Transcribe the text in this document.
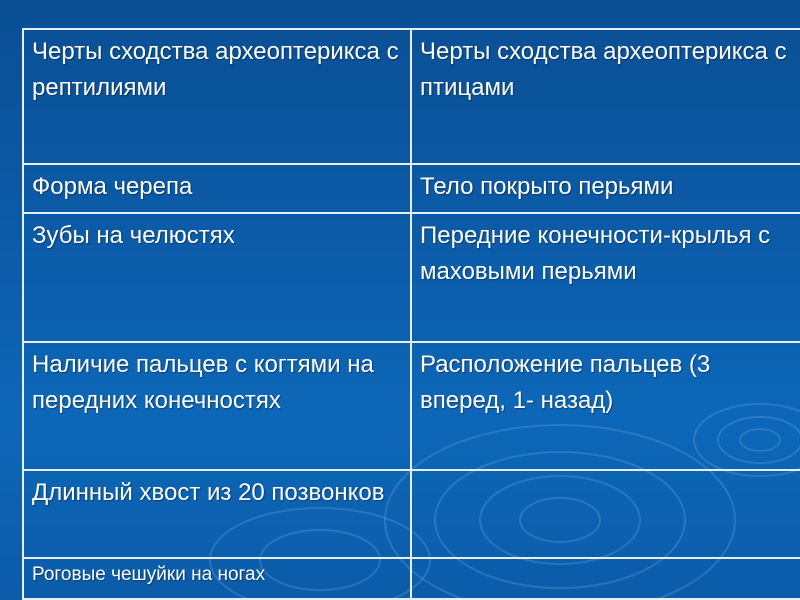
Черты сходства археоптерикса с рептилиями	Черты сходства археоптерикса с птицами
Форма черепа	Тело покрыто перьями
Зубы на челюстях	Передние конечности-крылья с маховыми перьями
Наличие пальцев с когтями на передних конечностях	Расположение пальцев (3 вперед, 1- назад)
Длинный хвост из 20 позвонков	
Роговые чешуйки на ногах	
